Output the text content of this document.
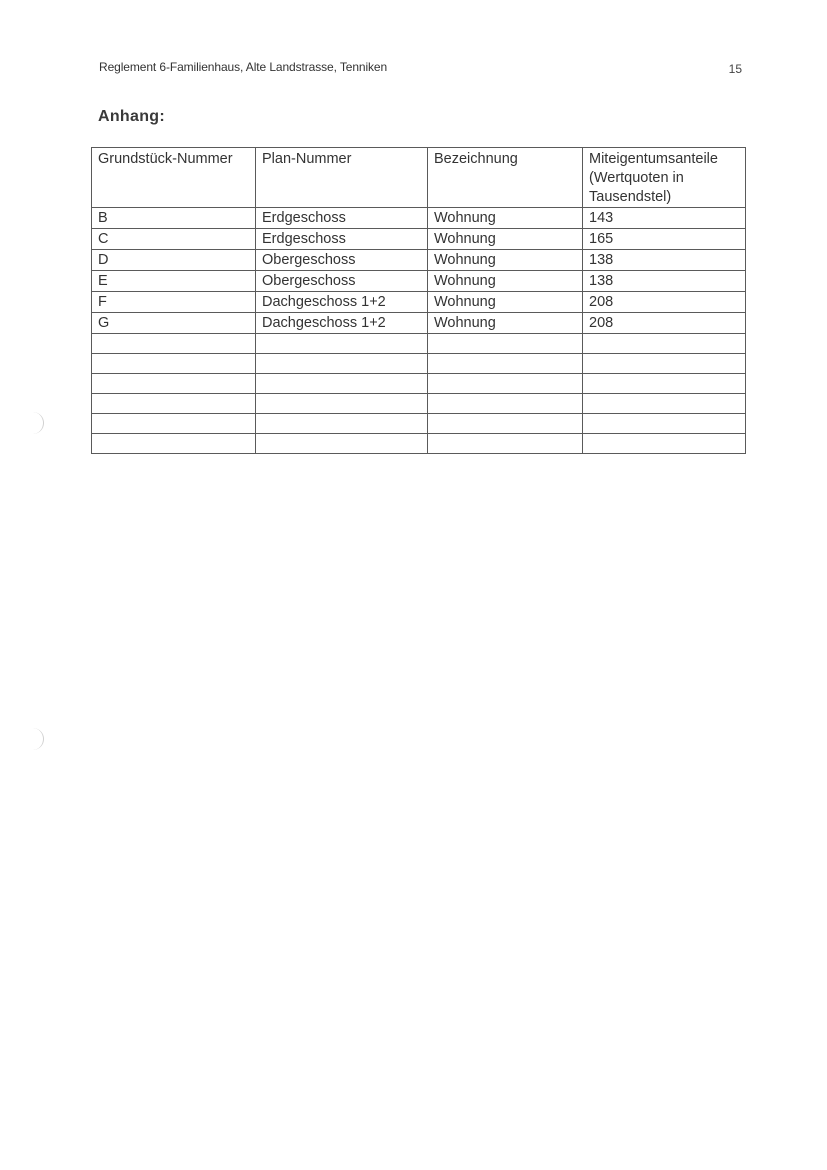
Reglement 6-Familienhaus, Alte Landstrasse, Tenniken	15
Anhang:
Grundstück-Nummer	Plan-Nummer	Bezeichnung	Miteigentumsanteile (Wertquoten in Tausendstel)
B	Erdgeschoss	Wohnung	143
C	Erdgeschoss	Wohnung	165
D	Obergeschoss	Wohnung	138
E	Obergeschoss	Wohnung	138
F	Dachgeschoss 1+2	Wohnung	208
G	Dachgeschoss 1+2	Wohnung	208
